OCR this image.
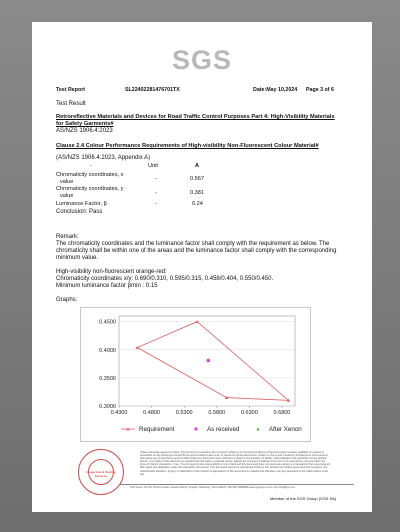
SGS
Test Report	SL22402281476701TX	Date:May 10,2024 Page 3 of 6
Test Result
Retroreflective Materials and Devices for Road Traffic Control Purposes Part 4: High-Visibility Materials
for Safety Garments#
AS/NZS 1906.4:2023
Clause 2.4 Colour Performance Requirements of High-visibility Non-Fluorescent Colour Material#
(AS/NZS 1906.4:2023, Appendix A)
-	Unit	A
Chromaticity coordinates, x
value	-	0.567
Chromaticity coordinates, y
value	-	0.381
Luminance Factor, β	-	0.24
Conclusion: Pass
Remark:
The chromaticity coordinates and the luminance factor shall comply with the requirement as below. The
chromaticity shall be within one of the areas and the luminance factor shall comply with the corresponding
minimum value.
High-visibility non-fluorescent orange-red:
Chromaticity coordinates x/y: 0.690/0.310, 0.595/0.315, 0.458/0.404, 0.550/0.450.
Minimum luminance factor βmin : 0.15
Graphs:
0.3000
0.3500
0.4000
0.4500
0.4300	0.4800	0.5300	0.5800	0.6300	0.6800
Requirement	As received	After Xenon
Unless otherwise agreed in writing, this document is issued by the Company subject to its General Conditions of Service printed overleaf, available on request or accessible at http://www.sgs.com/en/Terms-and-Conditions.aspx and, for electronic format documents, subject to Terms and Conditions for Electronic Documents at http://www.sgs.com/en/Terms-and-Conditions/Terms-e-Document.aspx. Attention is drawn to the limitation of liability, indemnification and jurisdiction issues defined therein. Any holder of this document is advised that information contained hereon reflects the Company's findings at the time of its intervention only and within the limits of Client's instructions, if any. The Company's sole responsibility is to its Client and this document does not exonerate parties to a transaction from exercising all their rights and obligations under the transaction documents. This document cannot be reproduced except in full, without prior written approval of the Company. Any unauthorized alteration, forgery or falsification of the content or appearance of this document is unlawful and offenders may be prosecuted to the fullest extent of the law.
SGS Center, No.143, Zhuzhou Road, Laoshan District, Qingdao, Shandong, China 266101 t (86-532) 68999888 www.sgsgroup.com.cn sgs.china@sgs.com
Member of the SGS Group (SGS SA)
Inspection & Testing Services
